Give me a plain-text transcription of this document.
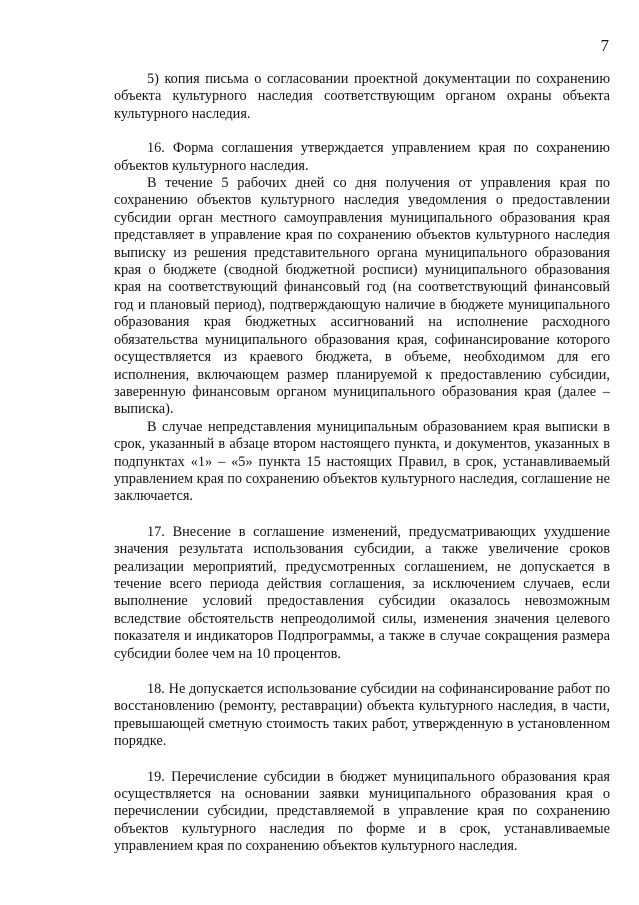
7

5) копия письма о согласовании проектной документации по сохранению объекта культурного наследия соответствующим органом охраны объекта культурного наследия.

16. Форма соглашения утверждается управлением края по сохранению объектов культурного наследия.

В течение 5 рабочих дней со дня получения от управления края по сохранению объектов культурного наследия уведомления о предоставлении субсидии орган местного самоуправления муниципального образования края представляет в управление края по сохранению объектов культурного наследия выписку из решения представительного органа муниципального образования края о бюджете (сводной бюджетной росписи) муниципального образования края на соответствующий финансовый год (на соответствующий финансовый год и плановый период), подтверждающую наличие в бюджете муниципального образования края бюджетных ассигнований на исполнение расходного обязательства муниципального образования края, софинансирование которого осуществляется из краевого бюджета, в объеме, необходимом для его исполнения, включающем размер планируемой к предоставлению субсидии, заверенную финансовым органом муниципального образования края (далее – выписка).

В случае непредставления муниципальным образованием края выписки в срок, указанный в абзаце втором настоящего пункта, и документов, указанных в подпунктах «1» – «5» пункта 15 настоящих Правил, в срок, устанавливаемый управлением края по сохранению объектов культурного наследия, соглашение не заключается.

17. Внесение в соглашение изменений, предусматривающих ухудшение значения результата использования субсидии, а также увеличение сроков реализации мероприятий, предусмотренных соглашением, не допускается в течение всего периода действия соглашения, за исключением случаев, если выполнение условий предоставления субсидии оказалось невозможным вследствие обстоятельств непреодолимой силы, изменения значения целевого показателя и индикаторов Подпрограммы, а также в случае сокращения размера субсидии более чем на 10 процентов.

18. Не допускается использование субсидии на софинансирование работ по восстановлению (ремонту, реставрации) объекта культурного наследия, в части, превышающей сметную стоимость таких работ, утвержденную в установленном порядке.

19. Перечисление субсидии в бюджет муниципального образования края осуществляется на основании заявки муниципального образования края о перечислении субсидии, представляемой в управление края по сохранению объектов культурного наследия по форме и в срок, устанавливаемые управлением края по сохранению объектов культурного наследия.
